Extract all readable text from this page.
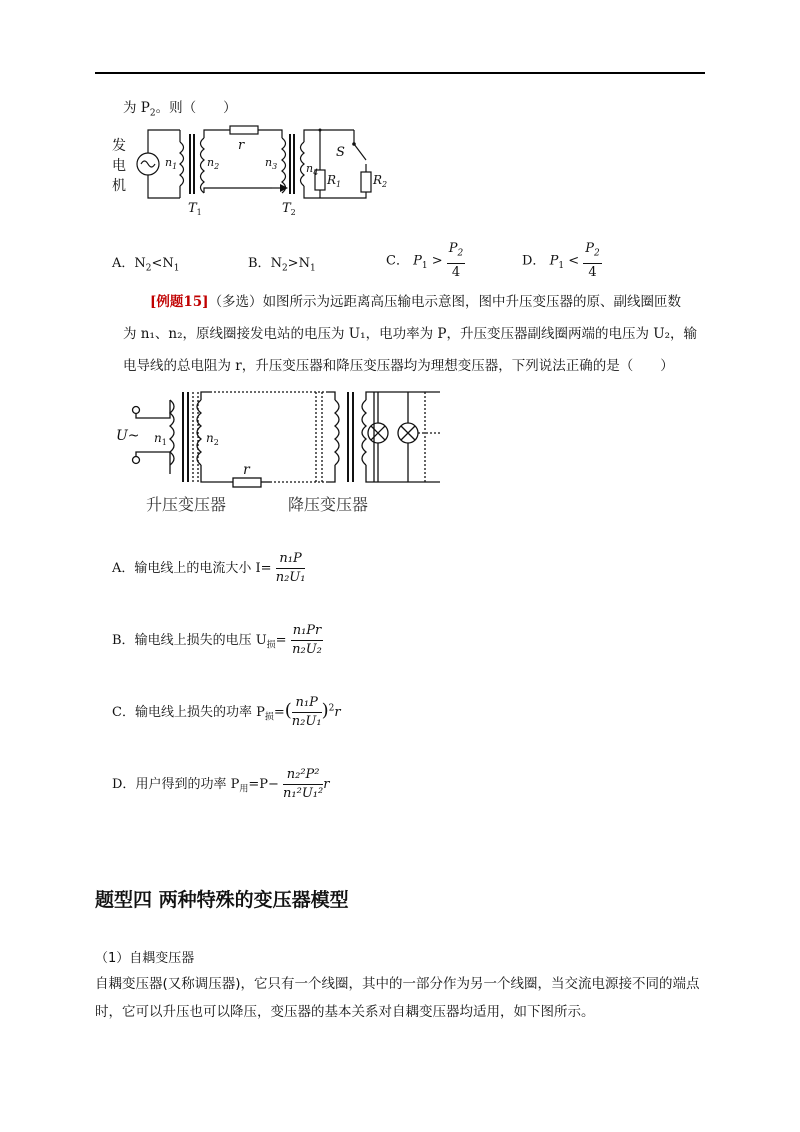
为 $P_2$。则（　　）
发
电
机
$n_1$	$n_2$
r
$n_3$	$n_4$
S
$R_1$	$R_2$
$T_1$	$T_2$
A．$N_2<N_1$	B．$N_2>N_1$
C． $P_1 > \frac{P_2}{4}$	D． $P_1 < \frac{P_2}{4}$
[例题15]（多选）如图所示为远距离高压输电示意图，图中升压变压器的原、副线圈匝数
为 n₁、n₂，原线圈接发电站的电压为 U₁，电功率为 P，升压变压器副线圈两端的电压为 U₂，输
电导线的总电阻为 r，升压变压器和降压变压器均为理想变压器，下列说法正确的是（　　）
U~ $n_1$	$n_2$
r
升压变压器	降压变压器
A．输电线上的电流大小 $I= \frac{\text{n₁P}}{\text{n₂U₁}}$
B．输电线上损失的电压 $U_损= \frac{\text{n₁Pr}}{\text{n₂U₂}}$
C．输电线上损失的功率 $P_损=( \frac{\text{n₁P}}{\text{n₂U₁}} )^2r$
D．用户得到的功率 $P_用=P- \frac{\text{n₂²P²}}{\text{n₁²U₁²}}$ r
题型四 两种特殊的变压器模型
（1）自耦变压器
自耦变压器(又称调压器)，它只有一个线圈，其中的一部分作为另一个线圈，当交流电源接不同的端点时，它可以升压也可以降压，变压器的基本关系对自耦变压器均适用，如下图所示。
